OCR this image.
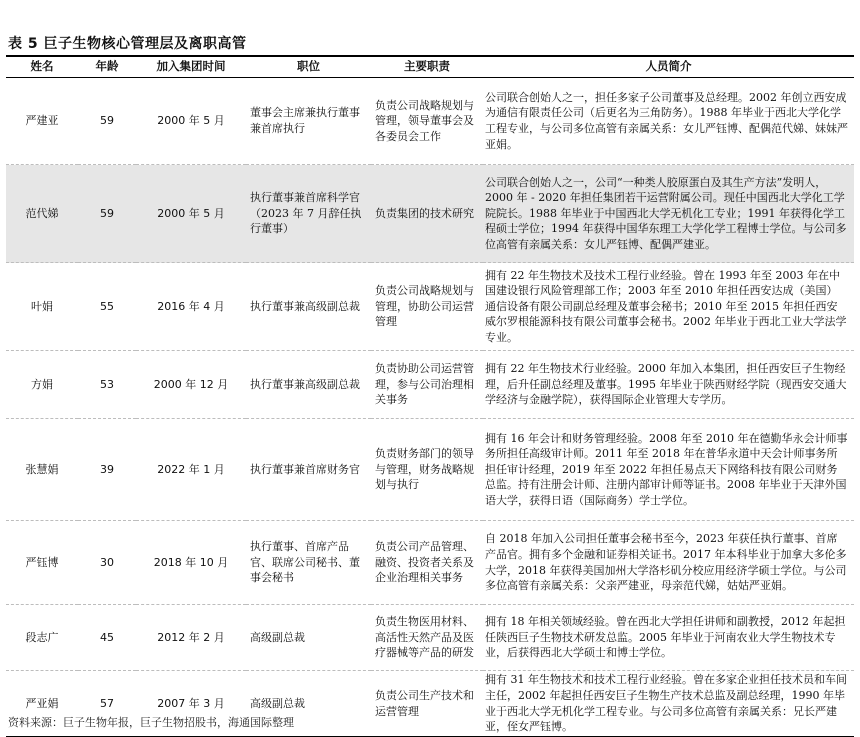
表 5 巨子生物核心管理层及离职高管
姓名	年龄	加入集团时间	职位	主要职责	人员简介
严建亚	59	2000 年 5 月	董事会主席兼执行董事兼首席执行	负责公司战略规划与管理，领导董事会及各委员会工作	公司联合创始人之一，担任多家子公司董事及总经理。2002 年创立西安成为通信有限责任公司（后更名为三角防务）。1988 年毕业于西北大学化学工程专业，与公司多位高管有亲属关系：女儿严钰博、配偶范代娣、妹妹严亚娟。
范代娣	59	2000 年 5 月	执行董事兼首席科学官（2023 年 7 月辞任执行董事）	负责集团的技术研究	公司联合创始人之一，公司“一种类人胶原蛋白及其生产方法”发明人，2000 年 - 2020 年担任集团若干运营附属公司。现任中国西北大学化工学院院长。1988 年毕业于中国西北大学无机化工专业；1991 年获得化学工程硕士学位；1994 年获得中国华东理工大学化学工程博士学位。与公司多位高管有亲属关系：女儿严钰博、配偶严建亚。
叶娟	55	2016 年 4 月	执行董事兼高级副总裁	负责公司战略规划与管理，协助公司运营管理	拥有 22 年生物技术及技术工程行业经验。曾在 1993 年至 2003 年在中国建设银行风险管理部工作；2003 年至 2010 年担任西安达成（美国）通信设备有限公司副总经理及董事会秘书；2010 年至 2015 年担任西安威尔罗根能源科技有限公司董事会秘书。2002 年毕业于西北工业大学法学专业。
方娟	53	2000 年 12 月	执行董事兼高级副总裁	负责协助公司运营管理，参与公司治理相关事务	拥有 22 年生物技术行业经验。2000 年加入本集团，担任西安巨子生物经理，后升任副总经理及董事。1995 年毕业于陕西财经学院（现西安交通大学经济与金融学院），获得国际企业管理大专学历。
张慧娟	39	2022 年 1 月	执行董事兼首席财务官	负责财务部门的领导与管理，财务战略规划与执行	拥有 16 年会计和财务管理经验。2008 年至 2010 年在德勤华永会计师事务所担任高级审计师。2011 年至 2018 年在普华永道中天会计师事务所担任审计经理，2019 年至 2022 年担任易点天下网络科技有限公司财务总监。持有注册会计师、注册内部审计师等证书。2008 年毕业于天津外国语大学，获得日语（国际商务）学士学位。
严钰博	30	2018 年 10 月	执行董事、首席产品官、联席公司秘书、董事会秘书	负责公司产品管理、融资、投资者关系及企业治理相关事务	自 2018 年加入公司担任董事会秘书至今，2023 年获任执行董事、首席产品官。拥有多个金融和证券相关证书。2017 年本科毕业于加拿大多伦多大学，2018 年获得美国加州大学洛杉矶分校应用经济学硕士学位。与公司多位高管有亲属关系：父亲严建亚，母亲范代娣，姑姑严亚娟。
段志广	45	2012 年 2 月	高级副总裁	负责生物医用材料、高活性天然产品及医疗器械等产品的研发	拥有 18 年相关领域经验。曾在西北大学担任讲师和副教授，2012 年起担任陕西巨子生物技术研发总监。2005 年毕业于河南农业大学生物技术专业，后获得西北大学硕士和博士学位。
严亚娟	57	2007 年 3 月	高级副总裁	负责公司生产技术和运营管理	拥有 31 年生物技术和技术工程行业经验。曾在多家企业担任技术员和车间主任，2002 年起担任西安巨子生物生产技术总监及副总经理，1990 年毕业于西北大学无机化学工程专业。与公司多位高管有亲属关系：兄长严建亚，侄女严钰博。
资料来源：巨子生物年报，巨子生物招股书，海通国际整理
